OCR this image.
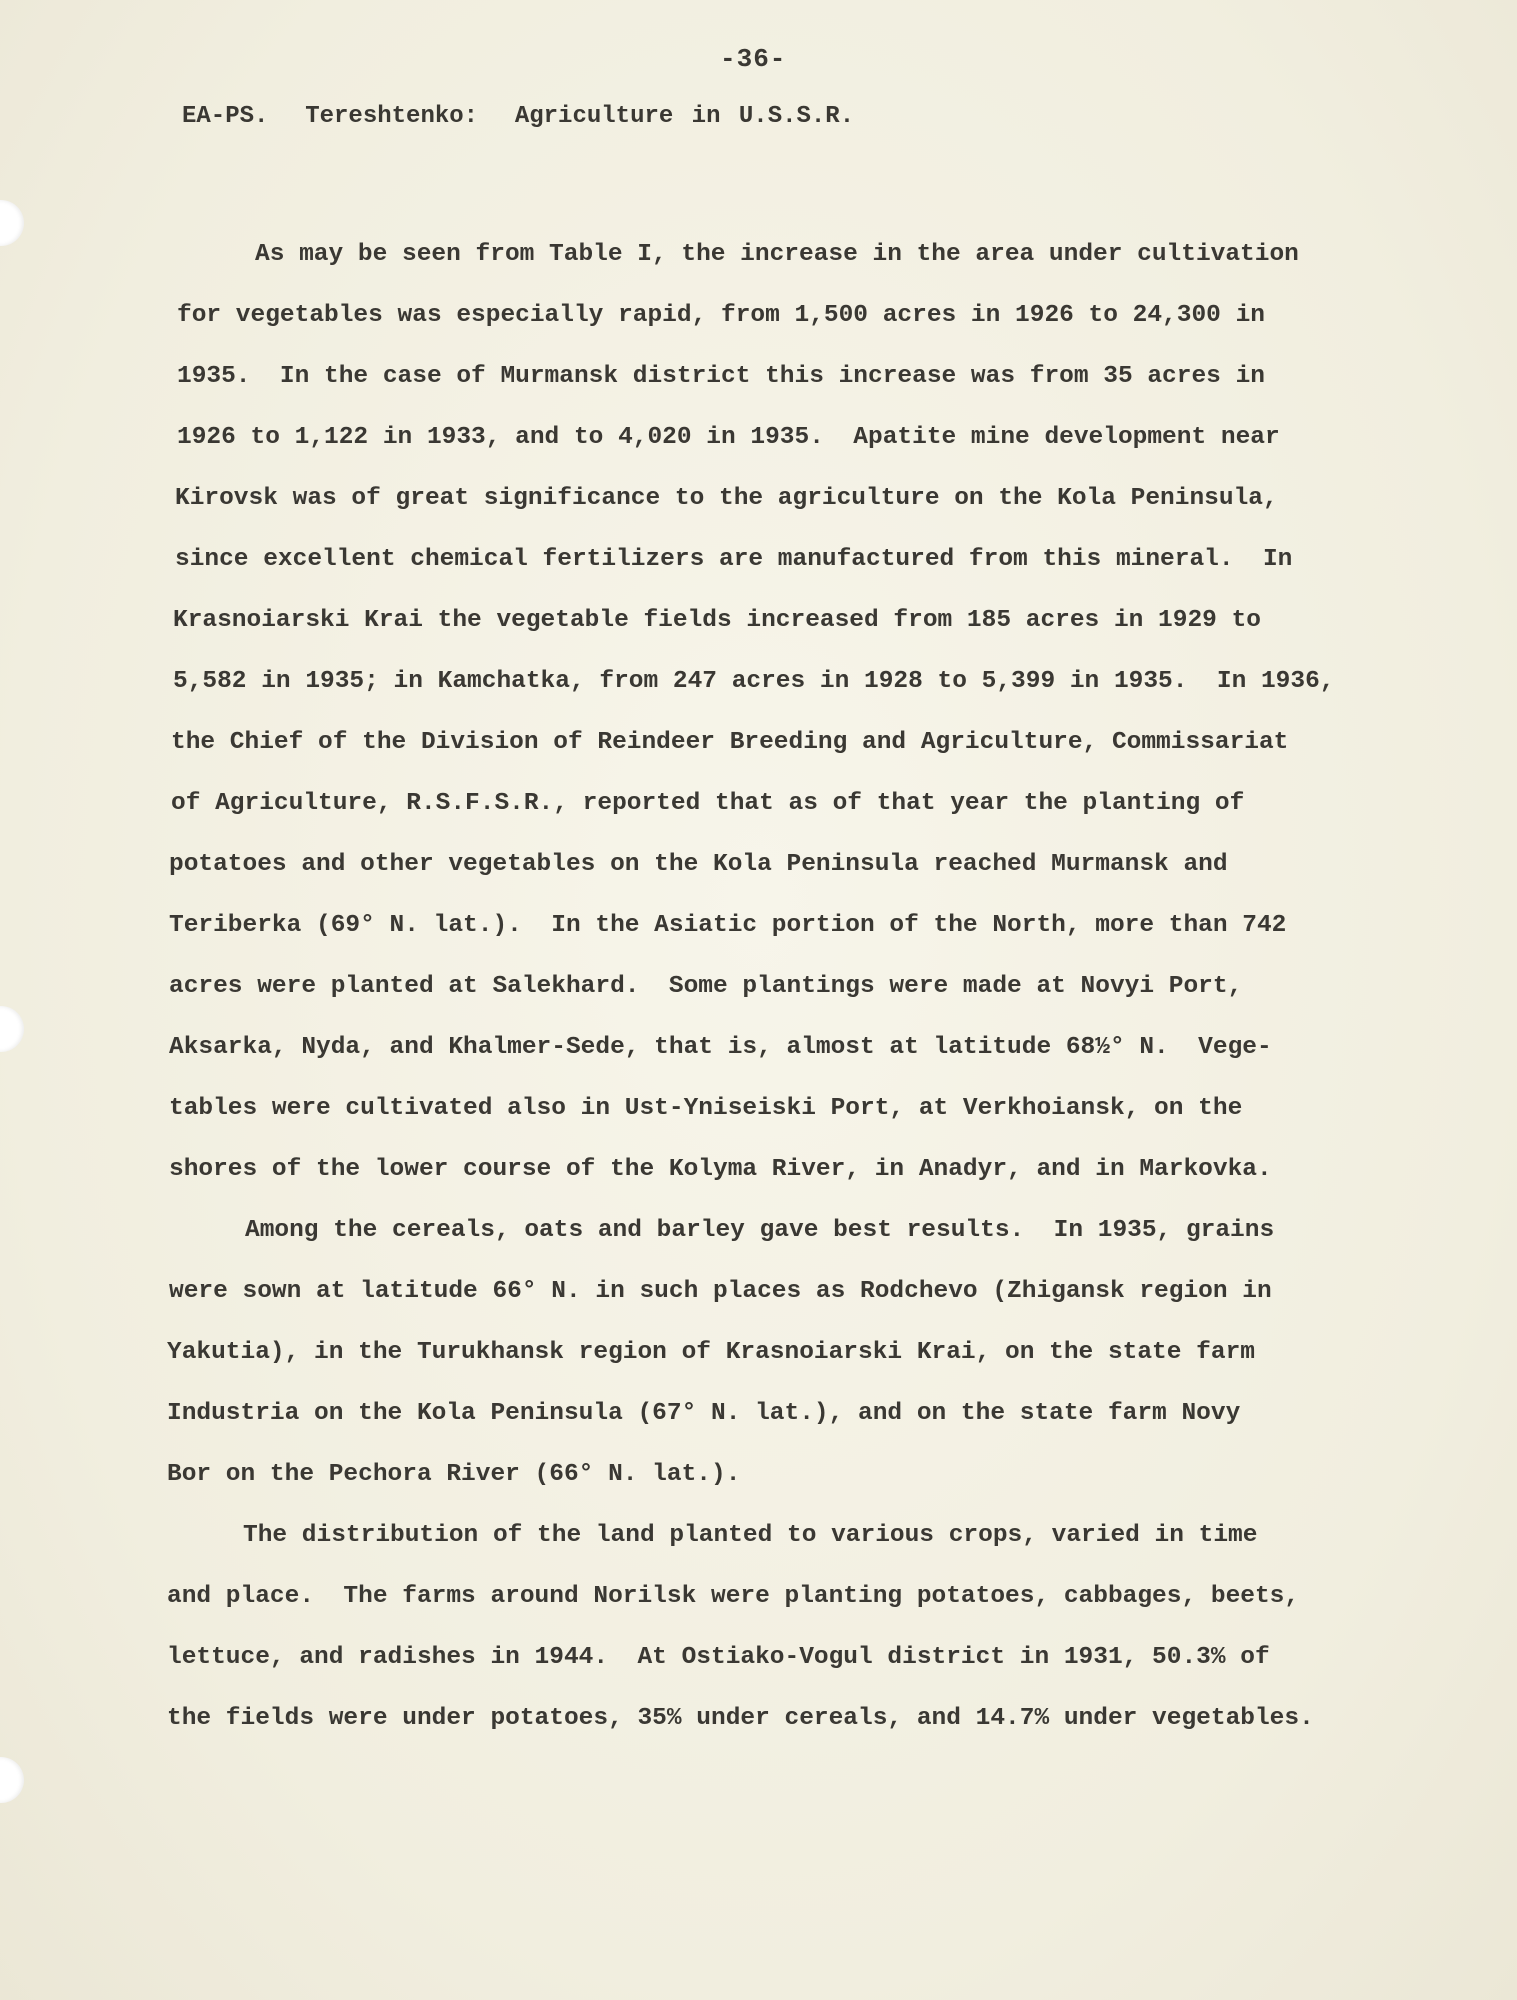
-36-
EA-PS.  Tereshtenko:  Agriculture in U.S.S.R.
As may be seen from Table I, the increase in the area under cultivation
for vegetables was especially rapid, from 1,500 acres in 1926 to 24,300 in
1935.  In the case of Murmansk district this increase was from 35 acres in
1926 to 1,122 in 1933, and to 4,020 in 1935.  Apatite mine development near
Kirovsk was of great significance to the agriculture on the Kola Peninsula,
since excellent chemical fertilizers are manufactured from this mineral.  In
Krasnoiarski Krai the vegetable fields increased from 185 acres in 1929 to
5,582 in 1935; in Kamchatka, from 247 acres in 1928 to 5,399 in 1935.  In 1936,
the Chief of the Division of Reindeer Breeding and Agriculture, Commissariat
of Agriculture, R.S.F.S.R., reported that as of that year the planting of
potatoes and other vegetables on the Kola Peninsula reached Murmansk and
Teriberka (69° N. lat.).  In the Asiatic portion of the North, more than 742
acres were planted at Salekhard.  Some plantings were made at Novyi Port,
Aksarka, Nyda, and Khalmer-Sede, that is, almost at latitude 68½° N.  Vege-
tables were cultivated also in Ust-Yniseiski Port, at Verkhoiansk, on the
shores of the lower course of the Kolyma River, in Anadyr, and in Markovka.
Among the cereals, oats and barley gave best results.  In 1935, grains
were sown at latitude 66° N. in such places as Rodchevo (Zhigansk region in
Yakutia), in the Turukhansk region of Krasnoiarski Krai, on the state farm
Industria on the Kola Peninsula (67° N. lat.), and on the state farm Novy
Bor on the Pechora River (66° N. lat.).
The distribution of the land planted to various crops, varied in time
and place.  The farms around Norilsk were planting potatoes, cabbages, beets,
lettuce, and radishes in 1944.  At Ostiako-Vogul district in 1931, 50.3% of
the fields were under potatoes, 35% under cereals, and 14.7% under vegetables.
